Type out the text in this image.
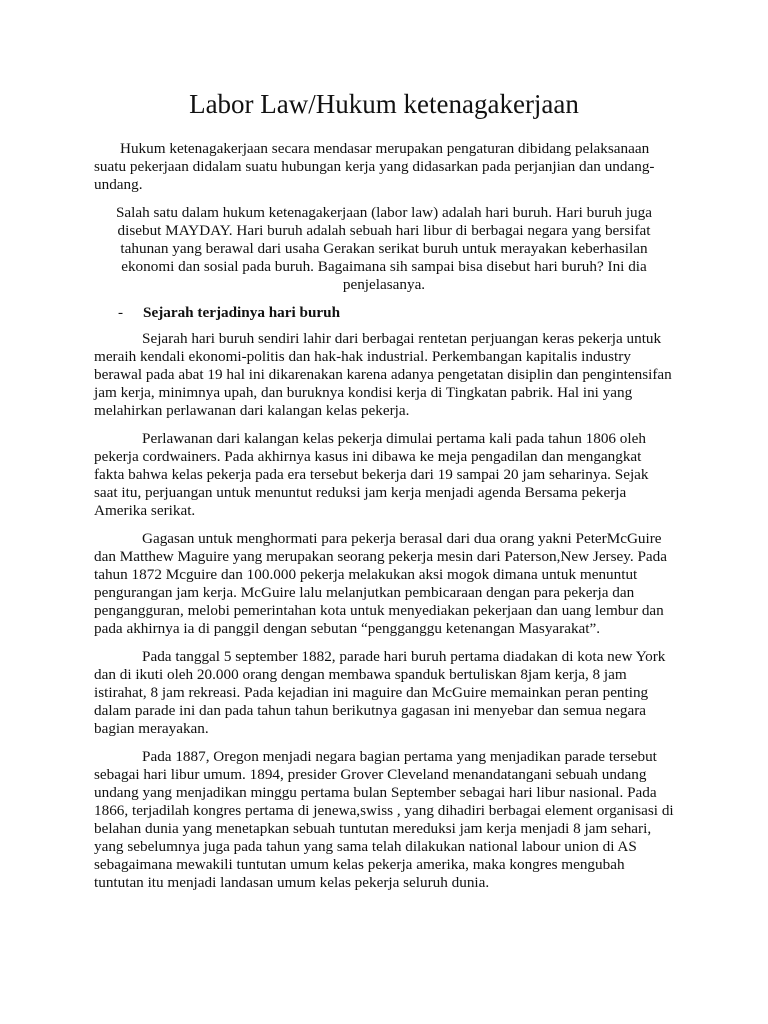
Labor Law/Hukum ketenagakerjaan

Hukum ketenagakerjaan secara mendasar merupakan pengaturan dibidang pelaksanaan suatu pekerjaan didalam suatu hubungan kerja yang didasarkan pada perjanjian dan undang-undang.

Salah satu dalam hukum ketenagakerjaan (labor law) adalah hari buruh. Hari buruh juga disebut MAYDAY. Hari buruh adalah sebuah hari libur di berbagai negara yang bersifat tahunan yang berawal dari usaha Gerakan serikat buruh untuk merayakan keberhasilan ekonomi dan sosial pada buruh. Bagaimana sih sampai bisa disebut hari buruh? Ini dia penjelasanya.

-	Sejarah terjadinya hari buruh

Sejarah hari buruh sendiri lahir dari berbagai rentetan perjuangan keras pekerja untuk meraih kendali ekonomi-politis dan hak-hak industrial. Perkembangan kapitalis industry berawal pada abat 19 hal ini dikarenakan karena adanya pengetatan disiplin dan pengintensifan jam kerja, minimnya upah, dan buruknya kondisi kerja di Tingkatan pabrik. Hal ini yang melahirkan perlawanan dari kalangan kelas pekerja.

Perlawanan dari kalangan kelas pekerja dimulai pertama kali pada tahun 1806 oleh pekerja cordwainers. Pada akhirnya kasus ini dibawa ke meja pengadilan dan mengangkat fakta bahwa kelas pekerja pada era tersebut bekerja dari 19 sampai 20 jam seharinya. Sejak saat itu, perjuangan untuk menuntut reduksi jam kerja menjadi agenda Bersama pekerja Amerika serikat.

Gagasan untuk menghormati para pekerja berasal dari dua orang yakni PeterMcGuire dan Matthew Maguire yang merupakan seorang pekerja mesin dari Paterson,New Jersey. Pada tahun 1872 Mcguire dan 100.000 pekerja melakukan aksi mogok dimana untuk menuntut pengurangan jam kerja. McGuire lalu melanjutkan pembicaraan dengan para pekerja dan pengangguran, melobi pemerintahan kota untuk menyediakan pekerjaan dan uang lembur dan pada akhirnya ia di panggil dengan sebutan “pengganggu ketenangan Masyarakat”.

Pada tanggal 5 september 1882, parade hari buruh pertama diadakan di kota new York dan di ikuti oleh 20.000 orang dengan membawa spanduk bertuliskan 8jam kerja, 8 jam istirahat, 8 jam rekreasi. Pada kejadian ini maguire dan McGuire memainkan peran penting dalam parade ini dan pada tahun tahun berikutnya gagasan ini menyebar dan semua negara bagian merayakan.

Pada 1887, Oregon menjadi negara bagian pertama yang menjadikan parade tersebut sebagai hari libur umum. 1894, presider Grover Cleveland menandatangani sebuah undang undang yang menjadikan minggu pertama bulan September sebagai hari libur nasional. Pada 1866, terjadilah kongres pertama di jenewa,swiss , yang dihadiri berbagai element organisasi di belahan dunia yang menetapkan sebuah tuntutan mereduksi jam kerja menjadi 8 jam sehari, yang sebelumnya juga pada tahun yang sama telah dilakukan national labour union di AS sebagaimana mewakili tuntutan umum kelas pekerja amerika, maka kongres mengubah tuntutan itu menjadi landasan umum kelas pekerja seluruh dunia.
